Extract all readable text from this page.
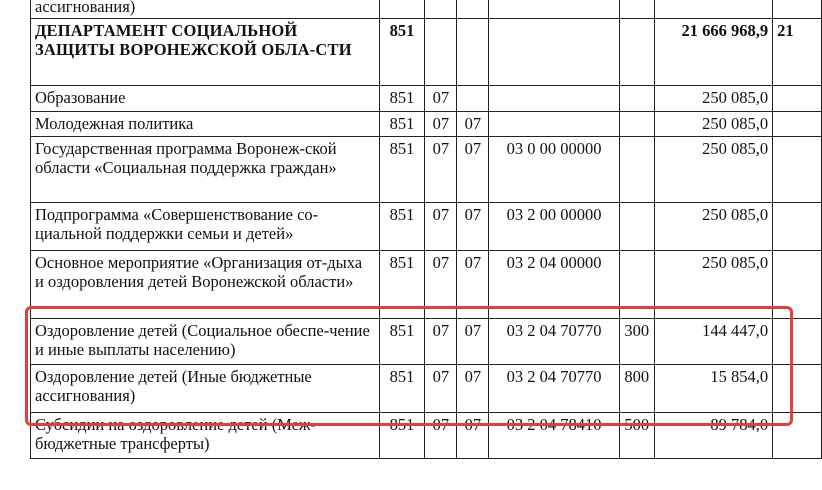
ассигнования)							
ДЕПАРТАМЕНТ СОЦИАЛЬНОЙ ЗАЩИТЫ ВОРОНЕЖСКОЙ ОБЛА-СТИ	851					21 666 968,9	21
Образование	851	07				250 085,0	
Молодежная политика	851	07	07			250 085,0	
Государственная программа Воронеж-ской области «Социальная поддержка граждан»	851	07	07	03 0 00 00000		250 085,0	
Подпрограмма «Совершенствование со-циальной поддержки семьи и детей»	851	07	07	03 2 00 00000		250 085,0	
Основное мероприятие «Организация от-дыха и оздоровления детей Воронежской области»	851	07	07	03 2 04 00000		250 085,0	
Оздоровление детей (Социальное обеспе-чение и иные выплаты населению)	851	07	07	03 2 04 70770	300	144 447,0	
Оздоровление детей (Иные бюджетные ассигнования)	851	07	07	03 2 04 70770	800	15 854,0	
Субсидии на оздоровление детей (Меж-бюджетные трансферты)	851	07	07	03 2 04 78410	500	89 784,0	
